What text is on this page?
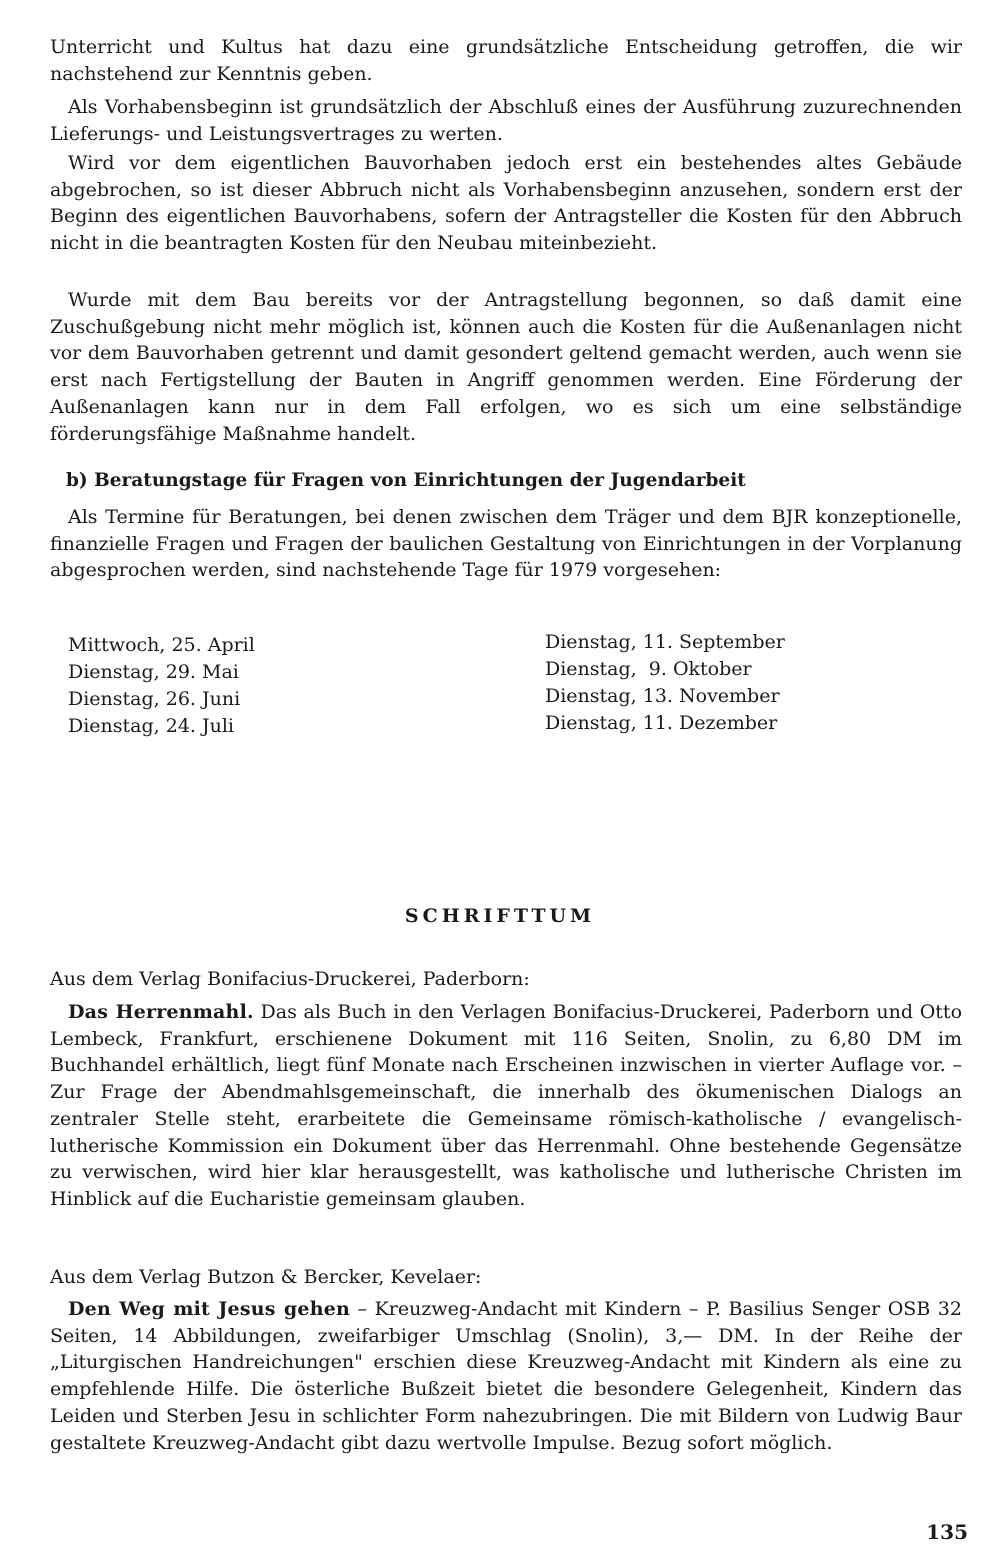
Unterricht und Kultus hat dazu eine grundsätzliche Entscheidung getroffen, die wir nachstehend zur Kenntnis geben.

Als Vorhabensbeginn ist grundsätzlich der Abschluß eines der Ausführung zuzurechnenden Lieferungs- und Leistungsvertrages zu werten.

Wird vor dem eigentlichen Bauvorhaben jedoch erst ein bestehendes altes Gebäude abgebrochen, so ist dieser Abbruch nicht als Vorhabensbeginn anzusehen, sondern erst der Beginn des eigentlichen Bauvorhabens, sofern der Antragsteller die Kosten für den Abbruch nicht in die beantragten Kosten für den Neubau miteinbezieht.

Wurde mit dem Bau bereits vor der Antragstellung begonnen, so daß damit eine Zuschußgebung nicht mehr möglich ist, können auch die Kosten für die Außenanlagen nicht vor dem Bauvorhaben getrennt und damit gesondert geltend gemacht werden, auch wenn sie erst nach Fertigstellung der Bauten in Angriff genommen werden. Eine Förderung der Außenanlagen kann nur in dem Fall erfolgen, wo es sich um eine selbständige förderungsfähige Maßnahme handelt.

b) Beratungstage für Fragen von Einrichtungen der Jugendarbeit

Als Termine für Beratungen, bei denen zwischen dem Träger und dem BJR konzeptionelle, finanzielle Fragen und Fragen der baulichen Gestaltung von Einrichtungen in der Vorplanung abgesprochen werden, sind nachstehende Tage für 1979 vorgesehen:

Mittwoch, 25. April
Dienstag, 29. Mai
Dienstag, 26. Juni
Dienstag, 24. Juli
Dienstag, 11. September
Dienstag,  9. Oktober
Dienstag, 13. November
Dienstag, 11. Dezember
SCHRIFTTUM

Aus dem Verlag Bonifacius-Druckerei, Paderborn:

Das Herrenmahl. Das als Buch in den Verlagen Bonifacius-Druckerei, Paderborn und Otto Lembeck, Frankfurt, erschienene Dokument mit 116 Seiten, Snolin, zu 6,80 DM im Buchhandel erhältlich, liegt fünf Monate nach Erscheinen inzwischen in vierter Auflage vor. – Zur Frage der Abendmahlsgemeinschaft, die innerhalb des ökumenischen Dialogs an zentraler Stelle steht, erarbeitete die Gemeinsame römisch-katholische / evangelisch-lutherische Kommission ein Dokument über das Herrenmahl. Ohne bestehende Gegensätze zu verwischen, wird hier klar herausgestellt, was katholische und lutherische Christen im Hinblick auf die Eucharistie gemeinsam glauben.

Aus dem Verlag Butzon & Bercker, Kevelaer:

Den Weg mit Jesus gehen – Kreuzweg-Andacht mit Kindern – P. Basilius Senger OSB 32 Seiten, 14 Abbildungen, zweifarbiger Umschlag (Snolin), 3,— DM. In der Reihe der „Liturgischen Handreichungen" erschien diese Kreuzweg-Andacht mit Kindern als eine zu empfehlende Hilfe. Die österliche Bußzeit bietet die besondere Gelegenheit, Kindern das Leiden und Sterben Jesu in schlichter Form nahezubringen. Die mit Bildern von Ludwig Baur gestaltete Kreuzweg-Andacht gibt dazu wertvolle Impulse. Bezug sofort möglich.

135
